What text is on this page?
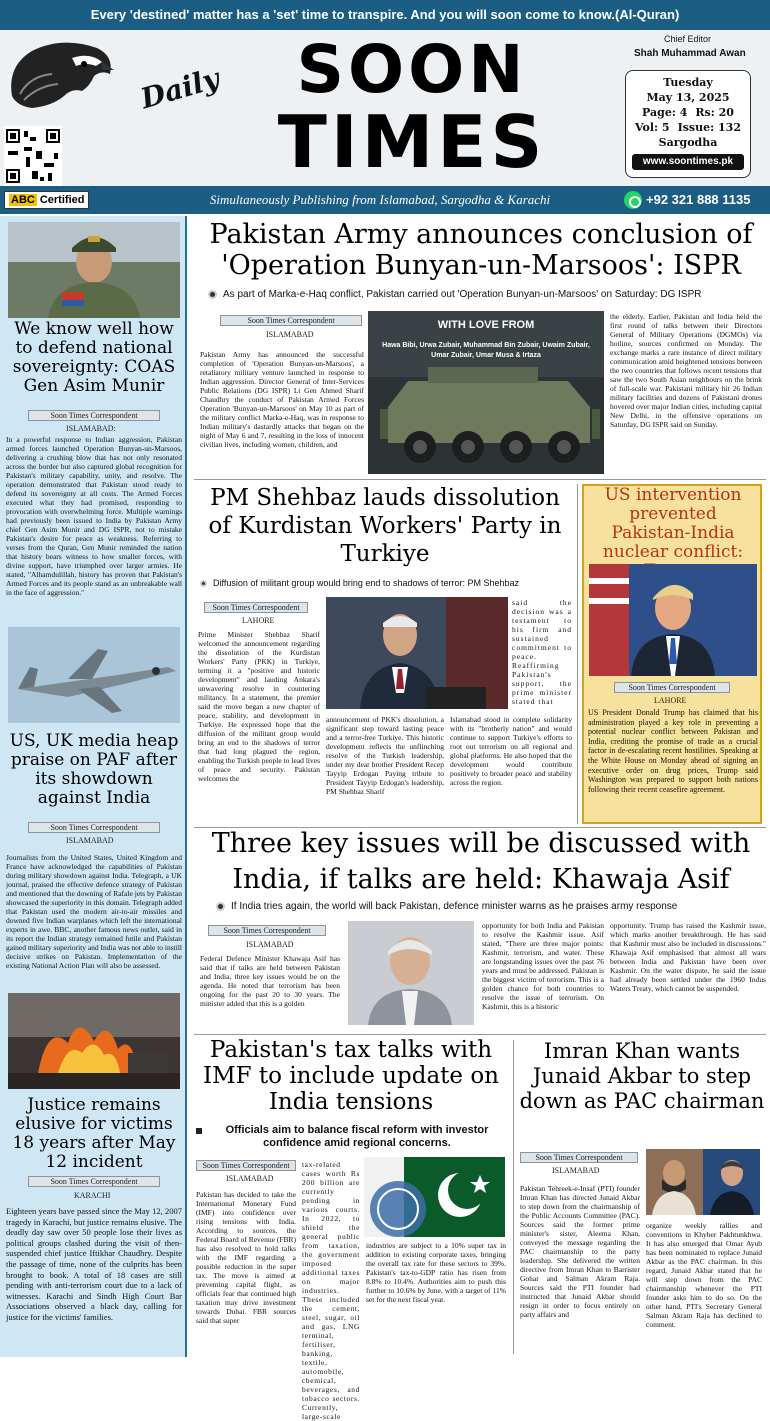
Every 'destined' matter has a 'set' time to transpire. And you will soon come to know.(Al-Quran)
Daily	SOON
TIMES
Chief Editor
Shah Muhammad Awan
Tuesday
May 13, 2025
Page: 4 Rs: 20
Vol: 5 Issue: 132
Sargodha
www.soontimes.pk
ABC Certified	Simultaneously Publishing from Islamabad, Sargodha & Karachi	+92 321 888 1135
We know well how to defend national sovereignty: COAS Gen Asim Munir
Soon Times Correspondent
ISLAMABAD:
In a powerful response to Indian aggression, Pakistan armed forces launched Operation Bunyan-un-Marsoos, delivering a crushing blow that has not only resonated across the border but also captured global recognition for Pakistan's military capability, unity, and resolve. The operation demonstrated that Pakistan stood ready to defend its sovereignty at all costs. The Armed Forces executed what they had promised, responding to provocation with overwhelming force. Multiple warnings had previously been issued to India by Pakistan Army chief Gen Asim Munir and DG ISPR, not to mistake Pakistan's desire for peace as weakness. Referring to verses from the Quran, Gen Munir reminded the nation that history bears witness to how smaller forces, with divine support, have triumphed over larger armies. He stated, "Alhamdulillah, history has proven that Pakistan's Armed Forces and its people stand as an unbreakable wall in the face of aggression."
US, UK media heap praise on PAF after its showdown against India
Soon Times Correspondent
ISLAMABAD
Journalists from the United States, United Kingdom and France have acknowledged the capabilities of Pakistan during military showdown against India. Telegraph, a UK journal, praised the effective defence strategy of Pakistan and mentioned that the downing of Rafale jets by Pakistan showcased the superiority in this domain. Telegraph added that Pakistan used the modern air-to-air missiles and downed five Indian warplanes which left the international experts in awe. BBC, another famous news outlet, said in its report the Indian strategy remained futile and Pakistan gained military superiority and India was not able to instill decisive strikes on Pakistan. Implementation of the existing National Action Plan will also be assessed.
Justice remains elusive for victims 18 years after May 12 incident
Soon Times Correspondent
KARACHI
Eighteen years have passed since the May 12, 2007 tragedy in Karachi, but justice remains elusive. The deadly day saw over 50 people lose their lives as political groups clashed during the visit of then-suspended chief justice Iftikhar Chaudhry. Despite the passage of time, none of the culprits has been brought to book. A total of 18 cases are still pending with anti-terrorism court due to a lack of witnesses. Karachi and Sindh High Court Bar Associations observed a black day, calling for justice for the victims' families.
Pakistan Army announces conclusion of 'Operation Bunyan-un-Marsoos': ISPR
As part of Marka-e-Haq conflict, Pakistan carried out 'Operation Bunyan-un-Marsoos' on Saturday: DG ISPR
Soon Times Correspondent
ISLAMABAD
Pakistan Army has announced the successful completion of 'Operation Bunyan-un-Marsoos', a retaliatory military venture launched in response to Indian aggression. Director General of Inter-Services Public Relations (DG ISPR) Lt Gen Ahmed Sharif Chaudhry the conduct of Pakistan Armed Forces Operation 'Bunyan-un-Marsoos' on May 10 as part of the military conflict Marka-e-Haq, was in response to Indian military's dastardly attacks that began on the night of May 6 and 7, resulting in the loss of innocent civilian lives, including women, children, and
WITH LOVE FROM
Hawa Bibi, Urwa Zubair, Muhammad Bin Zubair, Uwaim Zubair, Umar Zubair, Umar Musa & Irtaza
the elderly. Earlier, Pakistan and India held the first round of talks between their Directors General of Military Operations (DGMOs) via hotline, sources confirmed on Monday. The exchange marks a rare instance of direct military communication amid heightened tensions between the two countries that follows recent tensions that saw the two South Asian neighbours on the brink of full-scale war. Pakistani military hit 26 Indian military facilities and dozens of Pakistani drones hovered over major Indian cities, including capital New Delhi, in the offensive operations on Saturday, DG ISPR said on Sunday.
PM Shehbaz lauds dissolution of Kurdistan Workers' Party in Turkiye
Diffusion of militant group would bring end to shadows of terror: PM Shehbaz
Soon Times Correspondent
LAHORE
Prime Minister Shehbaz Sharif welcomed the announcement regarding the dissolution of the Kurdistan Workers' Party (PKK) in Turkiye, terming it a "positive and historic development" and lauding Ankara's unwavering resolve in countering militancy. In a statement, the premier said the move began a new chapter of peace, stability, and development in Turkiye. He expressed hope that the diffusion of the militant group would bring an end to the shadows of terror that had long plagued the region, enabling the Turkish people to lead lives of peace and security. Pakistan welcomes the
said the decision was a testament to his firm and sustained commitment to peace. Reaffirming Pakistan's support, the prime minister stated that
announcement of PKK's dissolution, a significant step toward lasting peace and a terror-free Turkiye. This historic development reflects the unflinching resolve of the Turkish leadership, under my dear brother President Recep Tayyip Erdogan Paying tribute to President Tayyip Erdogan's leadership, PM Shehbaz Sharif
Islamabad stood in complete solidarity with its "brotherly nation" and would continue to support Turkiye's efforts to root out terrorism on all regional and global platforms. He also hoped that the development would contribute positively to broader peace and stability across the region.
US intervention prevented Pakistan-India nuclear conflict:
Soon Times Correspondent
LAHORE
US President Donald Trump has claimed that his administration played a key role in preventing a potential nuclear conflict between Pakistan and India, crediting the promise of trade as a crucial factor in de-escalating recent hostilities. Speaking at the White House on Monday ahead of signing an executive order on drug prices, Trump said Washington was prepared to support both nations following their recent ceasefire agreement.
Three key issues will be discussed with India, if talks are held: Khawaja Asif
If India tries again, the world will back Pakistan, defence minister warns as he praises army response
Soon Times Correspondent
ISLAMABAD
Federal Defence Minister Khawaja Asif has said that if talks are held between Pakistan and India, three key issues would be on the agenda. He noted that terrorism has been ongoing for the past 20 to 30 years. The minister added that this is a golden
opportunity for both India and Pakistan to resolve the Kashmir issue. Asif stated, "There are three major points: Kashmir, terrorism, and water. These are longstanding issues over the past 76 years and must be addressed. Pakistan is the biggest victim of terrorism. This is a golden chance for both countries to resolve the issue of terrorism. On Kashmir, this is a historic
opportunity. Trump has raised the Kashmir issue, which marks another breakthrough. He has said that Kashmir must also be included in discussions." Khawaja Asif emphasised that almost all wars between India and Pakistan have been over Kashmir. On the water dispute, he said the issue had already been settled under the 1960 Indus Waters Treaty, which cannot be suspended.
Pakistan's tax talks with IMF to include update on India tensions
Officials aim to balance fiscal reform with investor confidence amid regional concerns.
Soon Times Correspondent
ISLAMABAD
Pakistan has decided to take the International Monetary Fund (IMF) into confidence over rising tensions with India. According to sources, the Federal Board of Revenue (FBR) has also resolved to hold talks with the IMF regarding a possible reduction in the super tax. The move is aimed at preventing capital flight, as officials fear that continued high taxation may drive investment towards Dubai. FBR sources said that super
tax-related cases worth Rs 200 billion are currently pending in various courts. In 2022, to shield the general public from taxation, the government imposed additional taxes on major industries. These included the cement, steel, sugar, oil and gas, LNG terminal, fertiliser, banking, textile, automobile, chemical, beverages, and tobacco sectors. Currently, large-scale
industries are subject to a 10% super tax in addition to existing corporate taxes, bringing the overall tax rate for these sectors to 39%. Pakistan's tax-to-GDP ratio has risen from 8.8% to 10.4%. Authorities aim to push this further to 10.6% by June, with a target of 11% set for the next fiscal year.
Imran Khan wants Junaid Akbar to step down as PAC chairman
Soon Times Correspondent
ISLAMABAD
Pakistan Tehreek-e-Insaf (PTI) founder Imran Khan has directed Junaid Akbar to step down from the chairmanship of the Public Accounts Committee (PAC). Sources said the former prime minister's sister, Aleema Khan, conveyed the message regarding the PAC chairmanship to the party leadership. She delivered the written directive from Imran Khan to Barrister Gohar and Salman Akram Raja. Sources said the PTI founder had instructed that Junaid Akbar should resign in order to focus entirely on party affairs and
organize weekly rallies and conventions in Khyber Pakhtunkhwa. It has also emerged that Omar Ayub has been nominated to replace Junaid Akbar as the PAC chairman. In this regard, Junaid Akbar stated that he will step down from the PAC chairmanship whenever the PTI founder asks him to do so. On the other hand, PTI's Secretary General Salman Akram Raja has declined to comment.
